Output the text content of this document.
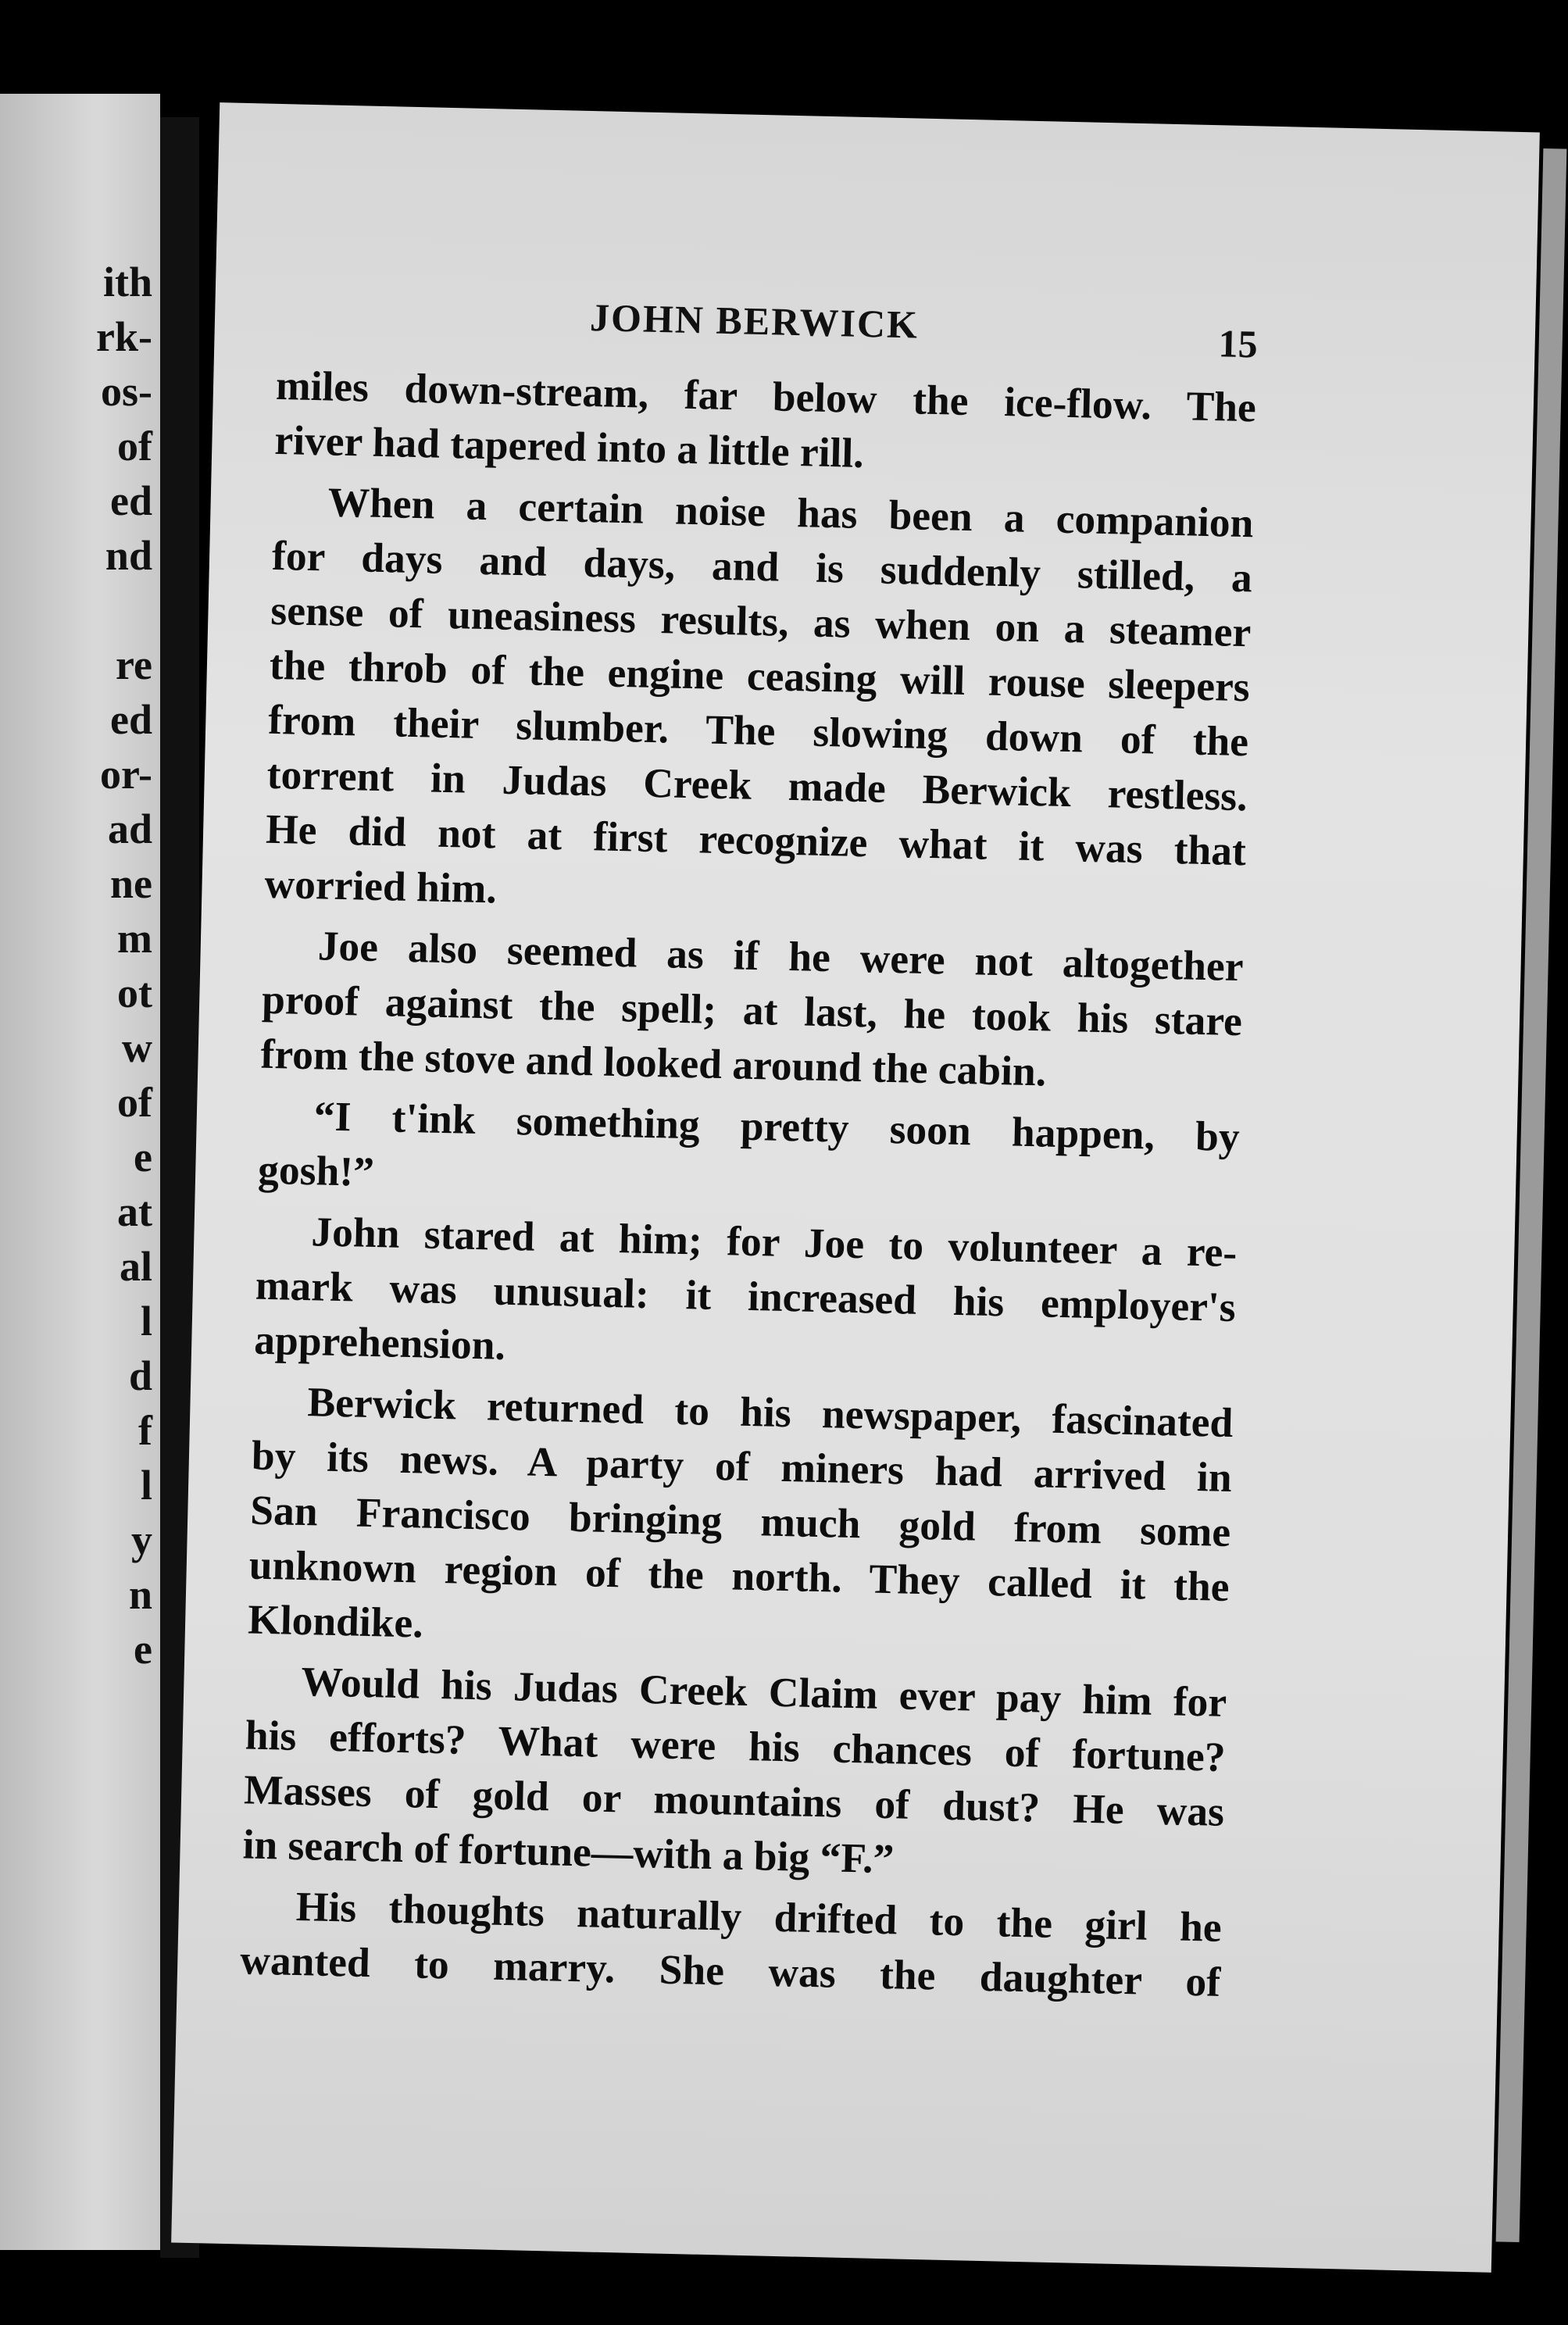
ith
rk-
os-
of
ed
nd
re
ed
or-
ad
ne
m
ot
w
of
e
at
al
l
d
f
l
y
n
e
JOHN BERWICK	15
miles down-stream, far below the ice-flow. The
river had tapered into a little rill.
When a certain noise has been a companion
for days and days, and is suddenly stilled, a
sense of uneasiness results, as when on a steamer
the throb of the engine ceasing will rouse sleepers
from their slumber. The slowing down of the
torrent in Judas Creek made Berwick restless.
He did not at first recognize what it was that
worried him.
Joe also seemed as if he were not altogether
proof against the spell; at last, he took his stare
from the stove and looked around the cabin.
“I t'ink something pretty soon happen, by
gosh!”
John stared at him; for Joe to volunteer a re-
mark was unusual: it increased his employer's
apprehension.
Berwick returned to his newspaper, fascinated
by its news. A party of miners had arrived in
San Francisco bringing much gold from some
unknown region of the north. They called it the
Klondike.
Would his Judas Creek Claim ever pay him for
his efforts? What were his chances of fortune?
Masses of gold or mountains of dust? He was
in search of fortune—with a big “F.”
His thoughts naturally drifted to the girl he
wanted to marry. She was the daughter of
